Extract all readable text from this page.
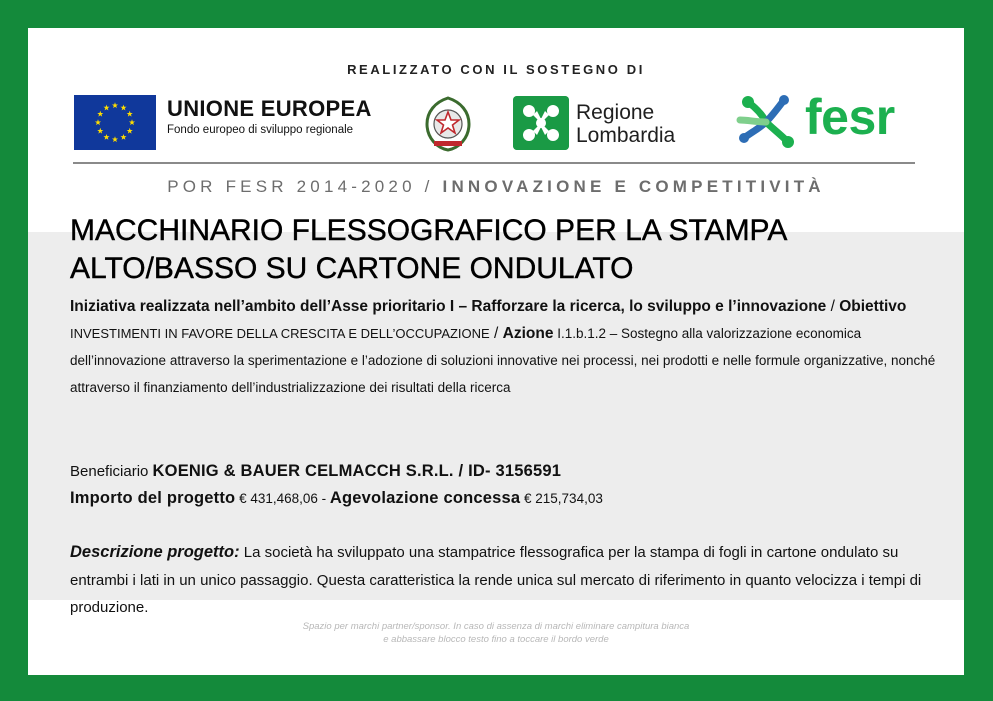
REALIZZATO CON IL SOSTEGNO DI
UNIONE EUROPEA
Fondo europeo di sviluppo regionale
Regione
Lombardia	fesr
POR FESR 2014-2020 / INNOVAZIONE E COMPETITIVITÀ
MACCHINARIO FLESSOGRAFICO PER LA STAMPA
ALTO/BASSO SU CARTONE ONDULATO
Iniziativa realizzata nell’ambito dell’Asse prioritario I – Rafforzare la ricerca, lo sviluppo e l’innovazione / Obiettivo INVESTIMENTI IN FAVORE DELLA CRESCITA E DELL’OCCUPAZIONE / Azione I.1.b.1.2 – Sostegno alla valorizzazione economica dell’innovazione attraverso la sperimentazione e l’adozione di soluzioni innovative nei processi, nei prodotti e nelle formule organizzative, nonché attraverso il finanziamento dell’industrializzazione dei risultati della ricerca
Beneficiario KOENIG & BAUER CELMACCH S.R.L. / ID- 3156591
Importo del progetto € 431,468,06 - Agevolazione concessa € 215,734,03
Descrizione progetto: La società ha sviluppato una stampatrice flessografica per la stampa di fogli in cartone ondulato su entrambi i lati in un unico passaggio. Questa caratteristica la rende unica sul mercato di riferimento in quanto velocizza i tempi di produzione.
Spazio per marchi partner/sponsor. In caso di assenza di marchi eliminare campitura bianca
e abbassare blocco testo fino a toccare il bordo verde
